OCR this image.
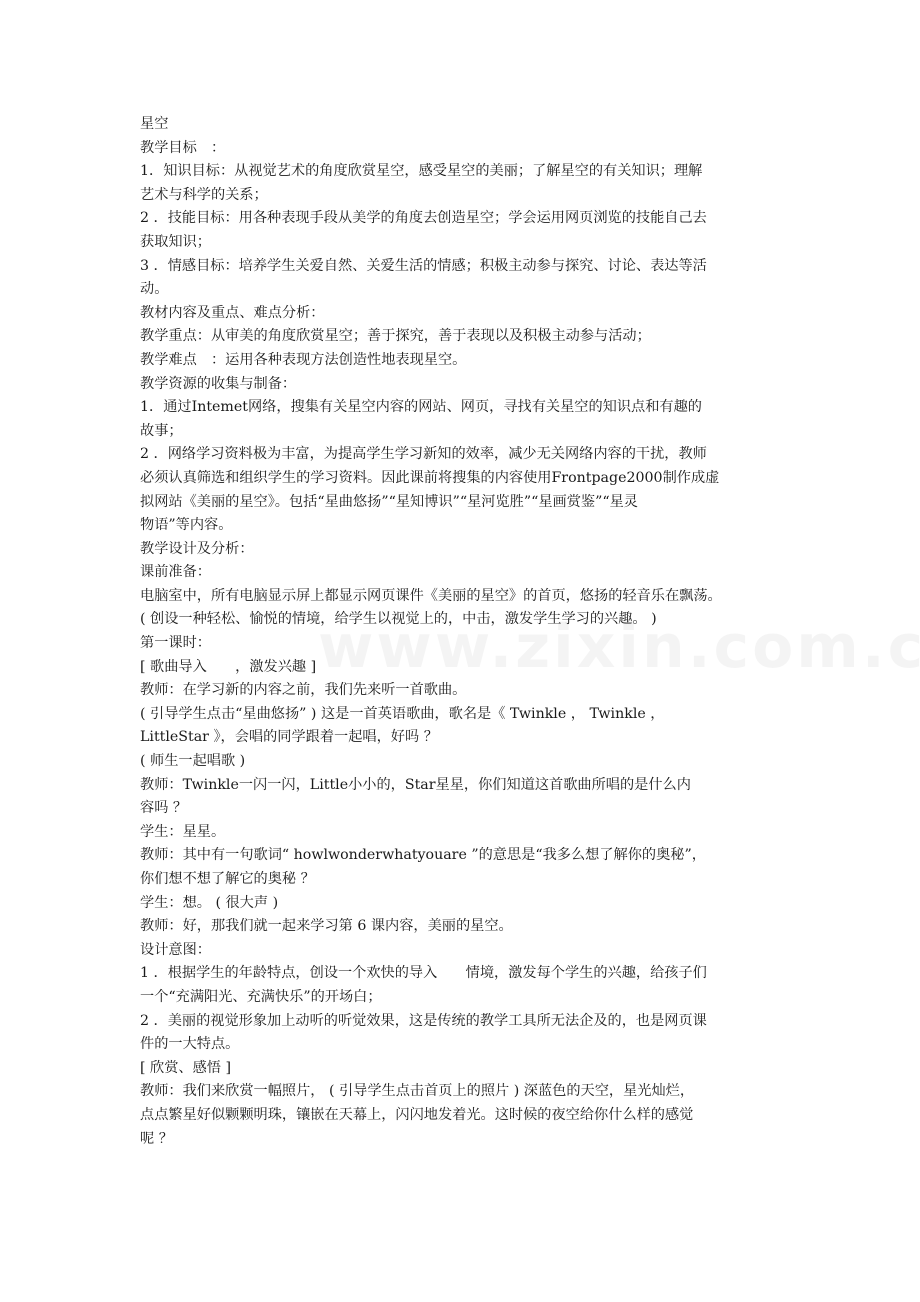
星空
教学目标　：
1．知识目标：从视觉艺术的角度欣赏星空，感受星空的美丽；了解星空的有关知识；理解
艺术与科学的关系；
2 ．技能目标：用各种表现手段从美学的角度去创造星空；学会运用网页浏览的技能自己去
获取知识；
3 ．情感目标：培养学生关爱自然、关爱生活的情感；积极主动参与探究、讨论、表达等活
动。
教材内容及重点、难点分析：
教学重点：从审美的角度欣赏星空；善于探究，善于表现以及积极主动参与活动；
教学难点　：运用各种表现方法创造性地表现星空。
教学资源的收集与制备：
1．通过Intemet网络，搜集有关星空内容的网站、网页，寻找有关星空的知识点和有趣的
故事；
2 ．网络学习资料极为丰富，为提高学生学习新知的效率，减少无关网络内容的干扰，教师
必须认真筛选和组织学生的学习资料。因此课前将搜集的内容使用Frontpage2000制作成虚
拟网站《美丽的星空》。包括“星曲悠扬”“星知博识”“星河览胜”“星画赏鉴”“星灵
物语”等内容。
教学设计及分析：
课前准备：
电脑室中，所有电脑显示屏上都显示网页课件《美丽的星空》的首页，悠扬的轻音乐在飘荡。
( 创设一种轻松、愉悦的情境，给学生以视觉上的，中击，激发学生学习的兴趣。 )
第一课时：
[ 歌曲导入　　，激发兴趣 ]
教师：在学习新的内容之前，我们先来听一首歌曲。
( 引导学生点击“星曲悠扬” ) 这是一首英语歌曲，歌名是《 Twinkle ， Twinkle ，
LittleStar 》，会唱的同学跟着一起唱，好吗 ？
( 师生一起唱歌 )
教师：Twinkle一闪一闪，Little小小的，Star星星，你们知道这首歌曲所唱的是什么内
容吗 ？
学生：星星。
教师：其中有一句歌词“ howlwonderwhatyouare ”的意思是“我多么想了解你的奥秘”，
你们想不想了解它的奥秘 ？
学生：想。 ( 很大声 )
教师：好，那我们就一起来学习第 6 课内容，美丽的星空。
设计意图：
1 ．根据学生的年龄特点，创设一个欢快的导入　　情境，激发每个学生的兴趣，给孩子们
一个“充满阳光、充满快乐”的开场白；
2 ．美丽的视觉形象加上动听的听觉效果，这是传统的教学工具所无法企及的，也是网页课
件的一大特点。
[ 欣赏、感悟 ]
教师：我们来欣赏一幅照片， ( 引导学生点击首页上的照片 ) 深蓝色的天空，星光灿烂，
点点繁星好似颗颗明珠，镶嵌在天幕上，闪闪地发着光。这时候的夜空给你什么样的感觉
呢 ？
